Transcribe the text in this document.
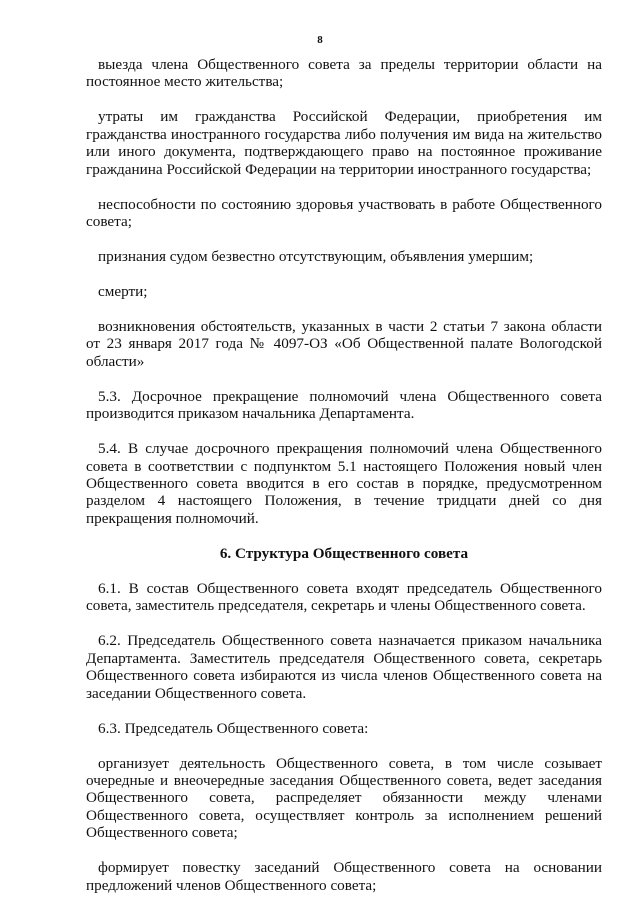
8

выезда члена Общественного совета за пределы территории области на постоянное место жительства;

утраты им гражданства Российской Федерации, приобретения им гражданства иностранного государства либо получения им вида на жительство или иного документа, подтверждающего право на постоянное проживание гражданина Российской Федерации на территории иностранного государства;

неспособности по состоянию здоровья участвовать в работе Общественного совета;

признания судом безвестно отсутствующим, объявления умершим;

смерти;

возникновения обстоятельств, указанных в части 2 статьи 7 закона области от 23 января 2017 года № 4097-ОЗ «Об Общественной палате Вологодской области»

5.3. Досрочное прекращение полномочий члена Общественного совета производится приказом начальника Департамента.

5.4. В случае досрочного прекращения полномочий члена Общественного совета в соответствии с подпунктом 5.1 настоящего Положения новый член Общественного совета вводится в его состав в порядке, предусмотренном разделом 4 настоящего Положения, в течение тридцати дней со дня прекращения полномочий.

6. Структура Общественного совета

6.1. В состав Общественного совета входят председатель Общественного совета, заместитель председателя, секретарь и члены Общественного совета.

6.2. Председатель Общественного совета назначается приказом начальника Департамента. Заместитель председателя Общественного совета, секретарь Общественного совета избираются из числа членов Общественного совета на заседании Общественного совета.

6.3. Председатель Общественного совета:

организует деятельность Общественного совета, в том числе созывает очередные и внеочередные заседания Общественного совета, ведет заседания Общественного совета, распределяет обязанности между членами Общественного совета, осуществляет контроль за исполнением решений Общественного совета;

формирует повестку заседаний Общественного совета на основании предложений членов Общественного совета;
